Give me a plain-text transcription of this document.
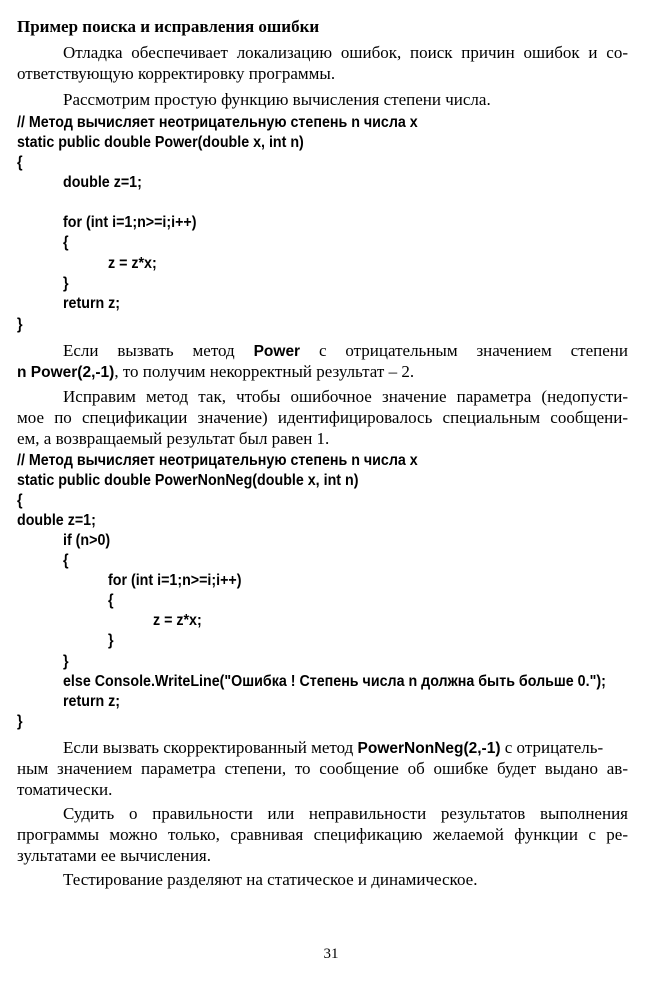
Пример поиска и исправления ошибки
Отладка обеспечивает локализацию ошибок, поиск причин ошибок и со-
ответствующую корректировку программы.
Рассмотрим простую функцию вычисления степени числа.
// Метод вычисляет неотрицательную степень n числа x
static public double Power(double x, int n)
{
double z=1;
for (int i=1;n>=i;i++)
{
z = z*x;
}
return z;
}
Если вызвать метод Power с отрицательным значением степени
n Power(2,-1), то получим некорректный результат – 2.
Исправим метод так, чтобы ошибочное значение параметра (недопусти-
мое по спецификации значение) идентифицировалось специальным сообщени-
ем, а возвращаемый результат был равен 1.
// Метод вычисляет неотрицательную степень n числа x
static public double PowerNonNeg(double x, int n)
{
double z=1;
if (n>0)
{
for (int i=1;n>=i;i++)
{
z = z*x;
}
}
else Console.WriteLine("Ошибка ! Степень числа n должна быть больше 0.");
return z;
}
Если вызвать скорректированный метод PowerNonNeg(2,-1) с отрицатель-
ным значением параметра степени, то сообщение об ошибке будет выдано ав-
томатически.
Судить о правильности или неправильности результатов выполнения
программы можно только, сравнивая спецификацию желаемой функции с ре-
зультатами ее вычисления.
Тестирование разделяют на статическое и динамическое.
31
